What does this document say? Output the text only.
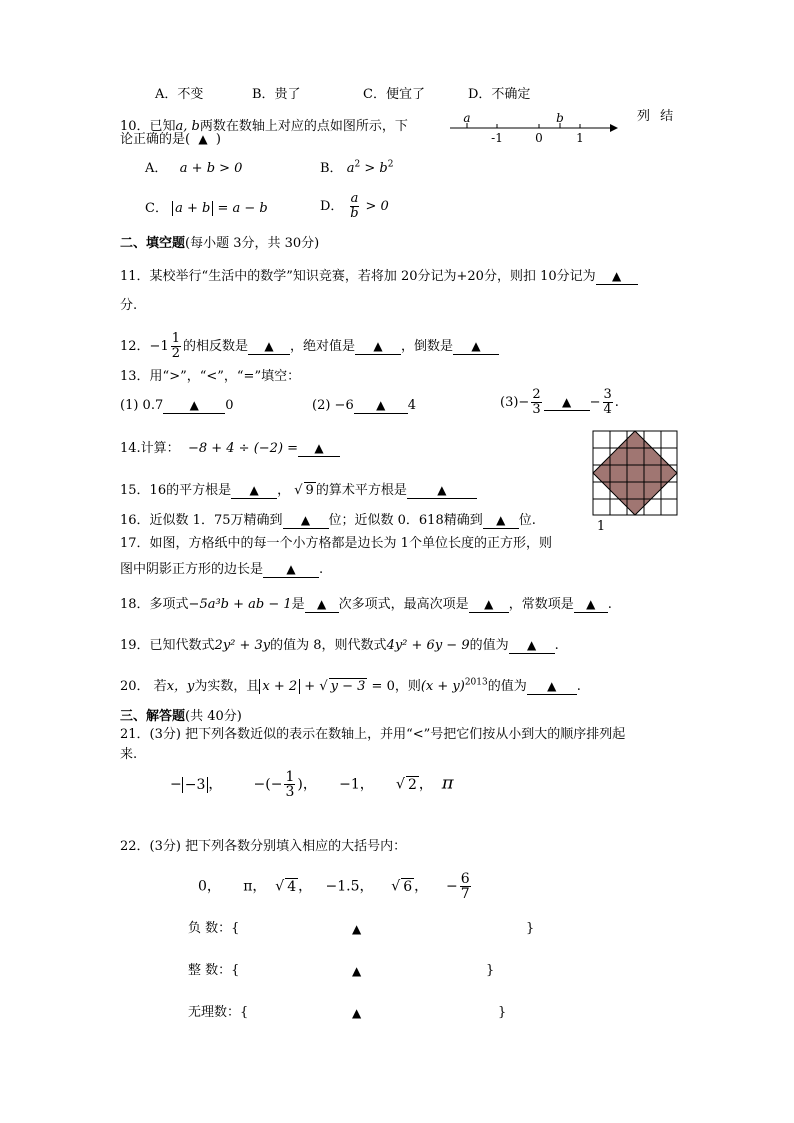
A．不变	B．贵了	C．便宜了	D．不确定
10．已知a, b两数在数轴上对应的点如图所示，下
列 结
论正确的是( ▲ )
a	b
-1	0	1
A． a + b > 0	B． $a^2 > b^2$
C． a + b = a − b	D． $\frac{a}{b} > 0$
二、填空题(每小题 3分，共 30分)
11．某校举行“生活中的数学”知识竞赛，若将加 20分记为+20分，则扣 10分记为 ▲
分.
12．$-1 \frac{1}{2}$ 的相反数是 ▲ ，绝对值是 ▲ ，倒数是 ▲
13．用“>”，“<”，“=”填空：
(1) 0.7 ▲ 0	(2) −6 ▲ 4	$(3)- \frac{2}{3}$ ▲ − $\frac{3}{4}$ .
14.计算： −8 + 4 ÷ (−2) = ▲
1
15．16的平方根是 ▲ ， √ 9 的算术平方根是	▲
16．近似数 1．75万精确到 ▲ 位；近似数 0．618精确到 ▲ 位.
17．如图，方格纸中的每一个小方格都是边长为 1个单位长度的正方形，则
图中阴影正方形的边长是 ▲ .
18．多项式−5a³b + ab − 1是 ▲ 次多项式，最高次项是 ▲ ，常数项是 ▲ .
19．已知代数式2y² + 3y的值为 8，则代数式4y² + 6y − 9的值为 ▲ .
20． 若x，y为实数，且 x + 2 + √ y − 3 = 0，则$(x + y)^{2013}$的值为 ▲ .
三、解答题(共 40分)
21．(3分) 把下列各数近似的表示在数轴上，并用“<”号把它们按从小到大的顺序排列起
来.
− −3 ， −(− $\frac{1}{3}$ )， −1，     √ 2 ， π
22．(3分) 把下列各数分别填入相应的大括号内：
0， π，  √ 4 ， −1.5，    √ 6 ，    − $\frac{6}{7}$
负 数：{	▲	}
整 数：{	▲	}
无理数：{	▲	}
